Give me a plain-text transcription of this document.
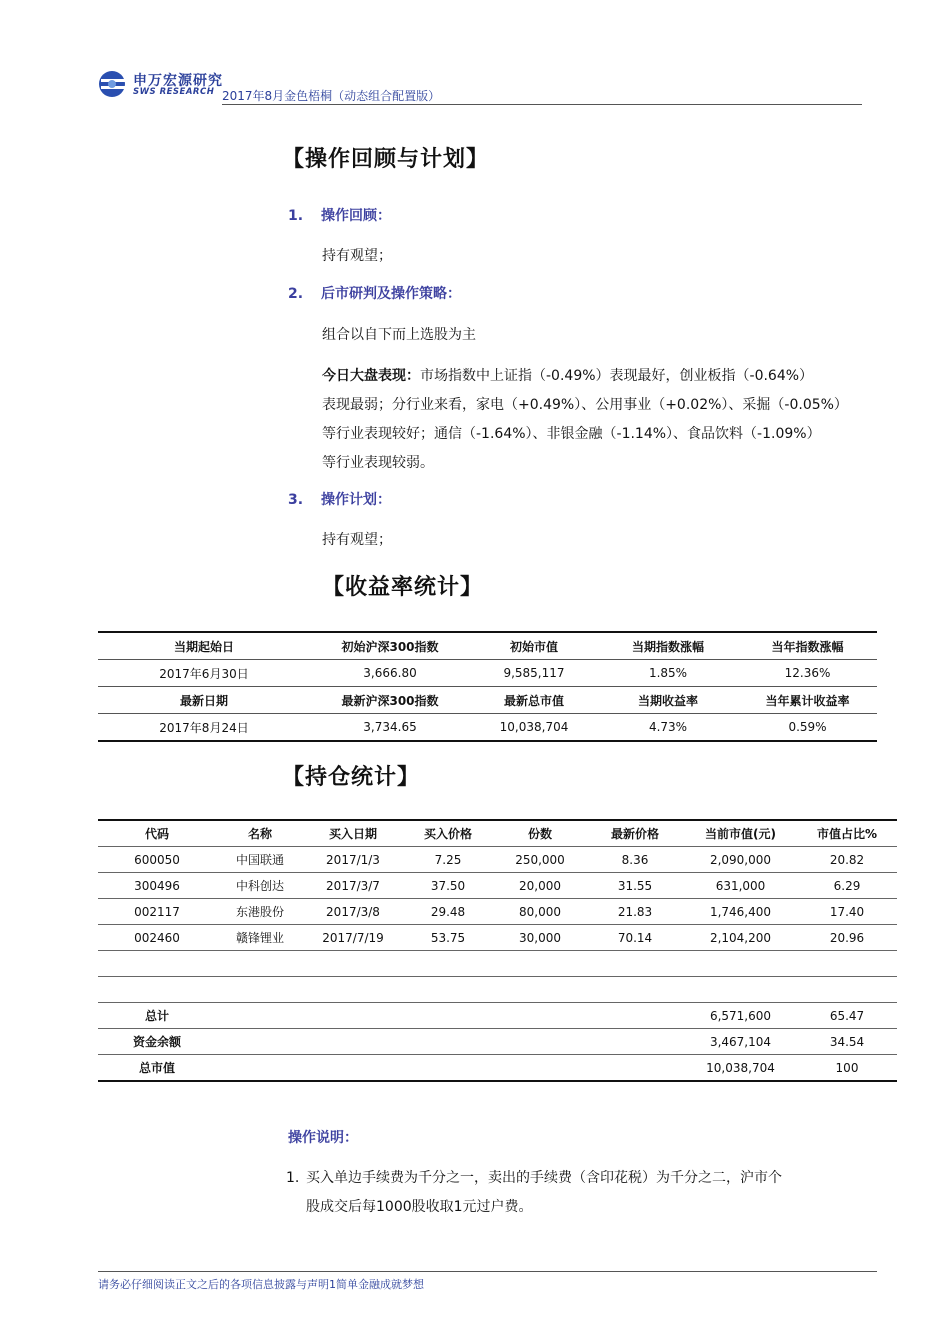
申万宏源研究
SWS RESEARCH 2017年8月金色梧桐（动态组合配置版）
【操作回顾与计划】
1. 操作回顾：
持有观望；
2. 后市研判及操作策略：
组合以自下而上选股为主
今日大盘表现：市场指数中上证指（-0.49%）表现最好，创业板指（-0.64%）
表现最弱；分行业来看，家电（+0.49%）、公用事业（+0.02%）、采掘（-0.05%）
等行业表现较好；通信（-1.64%）、非银金融（-1.14%）、食品饮料（-1.09%）
等行业表现较弱。
3. 操作计划：
持有观望；
【收益率统计】
当期起始日	初始沪深300指数	初始市值	当期指数涨幅	当年指数涨幅
2017年6月30日	3,666.80	9,585,117	1.85%	12.36%
最新日期	最新沪深300指数	最新总市值	当期收益率	当年累计收益率
2017年8月24日	3,734.65	10,038,704	4.73%	0.59%
【持仓统计】
代码	名称	买入日期	买入价格	份数	最新价格	当前市值(元)	市值占比%
600050	中国联通	2017/1/3	7.25	250,000	8.36	2,090,000	20.82
300496	中科创达	2017/3/7	37.50	20,000	31.55	631,000	6.29
002117	东港股份	2017/3/8	29.48	80,000	21.83	1,746,400	17.40
002460	赣锋锂业	2017/7/19	53.75	30,000	70.14	2,104,200	20.96

总计						6,571,600	65.47
资金余额						3,467,104	34.54
总市值						10,038,704	100
操作说明：
1. 买入单边手续费为千分之一，卖出的手续费（含印花税）为千分之二，沪市个
股成交后每1000股收取1元过户费。
请务必仔细阅读正文之后的各项信息披露与声明1简单金融成就梦想
